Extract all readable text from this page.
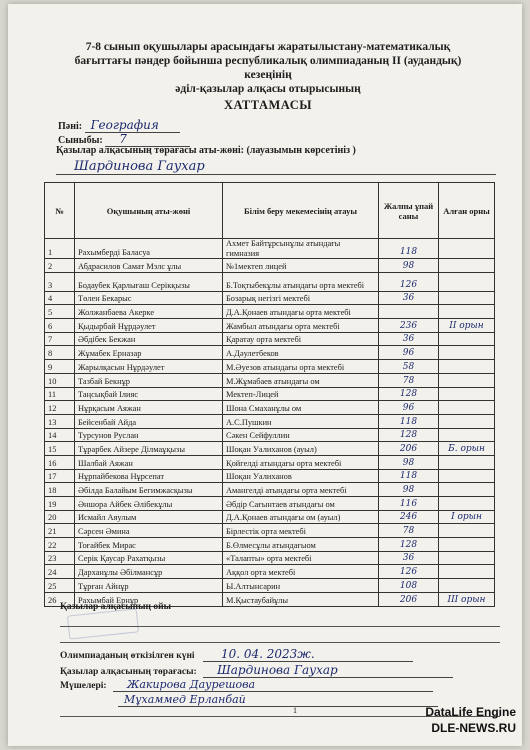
7-8 сынып оқушылары арасындағы жаратылыстану-математикалық
бағыттағы пәндер бойынша республикалық олимпиаданың II (аудандық)
кезеңінің
әділ-қазылар алқасы отырысының
ХАТТАМАСЫ
Пәні: География
Сыныбы: 7
Қазылар алқасының төрағасы аты-жөні: (лауазымын көрсетініз )
Шардинова Гаухар
№	Оқушының аты-жөні	Білім беру мекемесінің атауы	Жалпы ұпай саны	Алған орны
1	Рахымберді Баласуа	Ахмет Байтұрсынұлы атындағы гимназия	118	
2	Абдрасилов Самат Мэлс ұлы	№1мектеп лицей	98	
3	Бодаубек Қарлығаш Серікқызы	Б.Тоқтыбекұлы атындағы орта мектебі	126	
4	Төлен Бекарыс	Бозарық негізгі мектебі	36	
5	Жолжанбаева Акерке	Д.А.Қонаев атындағы орта мектебі		
6	Қыдырбай Нұрдәулет	Жамбыл атындағы орта мектебі	236	II орын
7	Әбдібек Бекжан	Қаратау орта мектебі	36	
8	Жұмабек Ерназар	А.Дәулетбеков	96	
9	Жарылқасын Нұрдәулет	М.Әуезов атындағы орта мектебі	58	
10	Тазбай Бекнұр	М.Жұмабаев атындағы ом	78	
11	Таңсықбай Ілияс	Мектеп-Лицей	128	
12	Нұрқасым Аяжан	Шона Смаханұлы ом	96	
13	Бейсенбай Айда	А.С.Пушкин	118	
14	Турсунов Руслан	Сәкен Сейфуллин	128	
15	Тұрарбек Айзере Ділмаұқызы	Шоқан Уалиханов (ауыл)	206	Б. орын
16	Шалбай Аяжан	Қойгелді атындағы орта мектебі	98	
17	Нұрпайбекова Нұрсепат	Шоқан Уалиханов	118	
18	Әбілда Балайым Бегимжасқызы	Амангелді атындағы орта мектебі	98	
19	Әншора Айбек Әлібекұлы	Әбдір Сағынтаев атындағы ом	116	
20	Исмайл Аяулым	Д.А.Қонаев атындағы ом (ауыл)	246	I орын
21	Сәрсен Әмина	Бірлестік орта мектебі	78	
22	Тоғайбек Мирас	Б.Өлмесұлы атындағыом	128	
23	Серік Қаусар Рахатқызы	«Талапты» орта мектебі	36	
24	Дарханұлы Әбілмансұр	Аққол орта мектебі	126	
25	Тұрған Айнұр	Ы.Алтынсарин	108	
26	Рахымбай Ернұр	М.Қыстаубайұлы	206	III орын
Қазылар алқасының ойы
Олимпиаданың өткізілген күні 10. 04. 2023ж.
Қазылар алқасының төрағасы: Шардинова Гаухар
Мүшелері: Жакирова Даурешова
Мұхаммед Ерланбай
1	DataLife Engine
DLE-NEWS.RU
